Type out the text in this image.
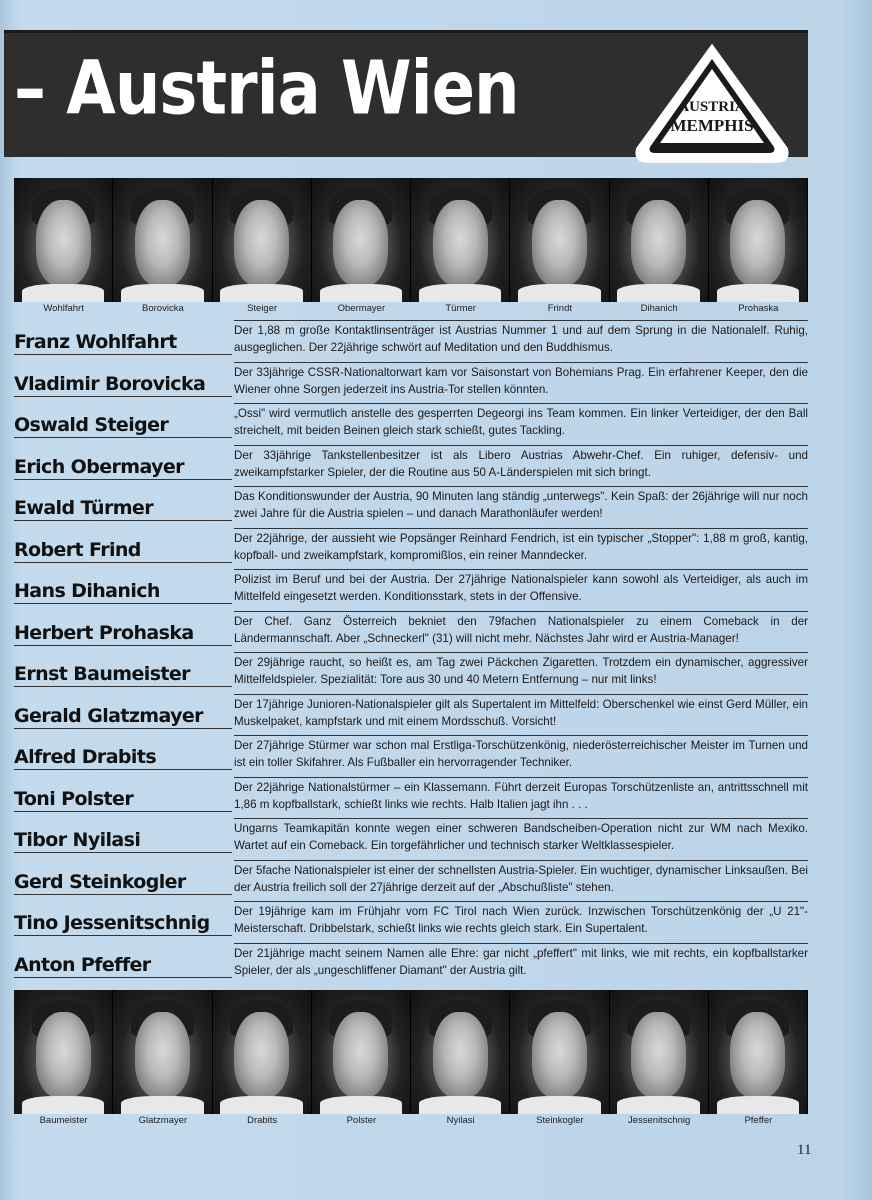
– Austria Wien	AUSTRIA
MEMPHIS
Wohlfahrt	Borovicka	Steiger	Obermayer	Türmer	Frindt	Dihanich	Prohaska
Franz Wohlfahrt
Der 1,88 m große Kontaktlinsenträger ist Austrias Nummer 1 und auf dem Sprung in die Nationalelf. Ruhig, ausgeglichen. Der 22jährige schwört auf Meditation und den Buddhismus.
Vladimir Borovicka
Der 33jährige CSSR-Nationaltorwart kam vor Saisonstart von Bohemians Prag. Ein erfahrener Keeper, den die Wiener ohne Sorgen jederzeit ins Austria-Tor stellen könnten.
Oswald Steiger
„Ossi" wird vermutlich anstelle des gesperrten Degeorgi ins Team kommen. Ein linker Verteidiger, der den Ball streichelt, mit beiden Beinen gleich stark schießt, gutes Tackling.
Erich Obermayer
Der 33jährige Tankstellenbesitzer ist als Libero Austrias Abwehr-Chef. Ein ruhiger, defensiv- und zweikampfstarker Spieler, der die Routine aus 50 A-Länderspielen mit sich bringt.
Ewald Türmer
Das Konditionswunder der Austria, 90 Minuten lang ständig „unterwegs". Kein Spaß: der 26jährige will nur noch zwei Jahre für die Austria spielen – und danach Marathonläufer werden!
Robert Frind
Der 22jährige, der aussieht wie Popsänger Reinhard Fendrich, ist ein typischer „Stopper": 1,88 m groß, kantig, kopfball- und zweikampfstark, kompromißlos, ein reiner Manndecker.
Hans Dihanich
Polizist im Beruf und bei der Austria. Der 27jährige Nationalspieler kann sowohl als Verteidiger, als auch im Mittelfeld eingesetzt werden. Konditionsstark, stets in der Offensive.
Herbert Prohaska
Der Chef. Ganz Österreich bekniet den 79fachen Nationalspieler zu einem Comeback in der Ländermannschaft. Aber „Schneckerl" (31) will nicht mehr. Nächstes Jahr wird er Austria-Manager!
Ernst Baumeister
Der 29jährige raucht, so heißt es, am Tag zwei Päckchen Zigaretten. Trotzdem ein dynamischer, aggressiver Mittelfeldspieler. Spezialität: Tore aus 30 und 40 Metern Entfernung – nur mit links!
Gerald Glatzmayer
Der 17jährige Junioren-Nationalspieler gilt als Supertalent im Mittelfeld: Oberschenkel wie einst Gerd Müller, ein Muskelpaket, kampfstark und mit einem Mordsschuß. Vorsicht!
Alfred Drabits
Der 27jährige Stürmer war schon mal Erstliga-Torschützenkönig, niederösterreichischer Meister im Turnen und ist ein toller Skifahrer. Als Fußballer ein hervorragender Techniker.
Toni Polster
Der 22jährige Nationalstürmer – ein Klassemann. Führt derzeit Europas Torschützenliste an, antrittsschnell mit 1,86 m kopfballstark, schießt links wie rechts. Halb Italien jagt ihn . . .
Tibor Nyilasi
Ungarns Teamkapitän konnte wegen einer schweren Bandscheiben-Operation nicht zur WM nach Mexiko. Wartet auf ein Comeback. Ein torgefährlicher und technisch starker Weltklassespieler.
Gerd Steinkogler
Der 5fache Nationalspieler ist einer der schnellsten Austria-Spieler. Ein wuchtiger, dynamischer Linksaußen. Bei der Austria freilich soll der 27jährige derzeit auf der „Abschußliste" stehen.
Tino Jessenitschnig
Der 19jährige kam im Frühjahr vom FC Tirol nach Wien zurück. Inzwischen Torschützenkönig der „U 21"-Meisterschaft. Dribbelstark, schießt links wie rechts gleich stark. Ein Supertalent.
Anton Pfeffer
Der 21jährige macht seinem Namen alle Ehre: gar nicht „pfeffert" mit links, wie mit rechts, ein kopfballstarker Spieler, der als „ungeschliffener Diamant" der Austria gilt.
Baumeister	Glatzmayer	Drabits	Polster	Nyilasi	Steinkogler	Jessenitschnig	Pfeffer
11
